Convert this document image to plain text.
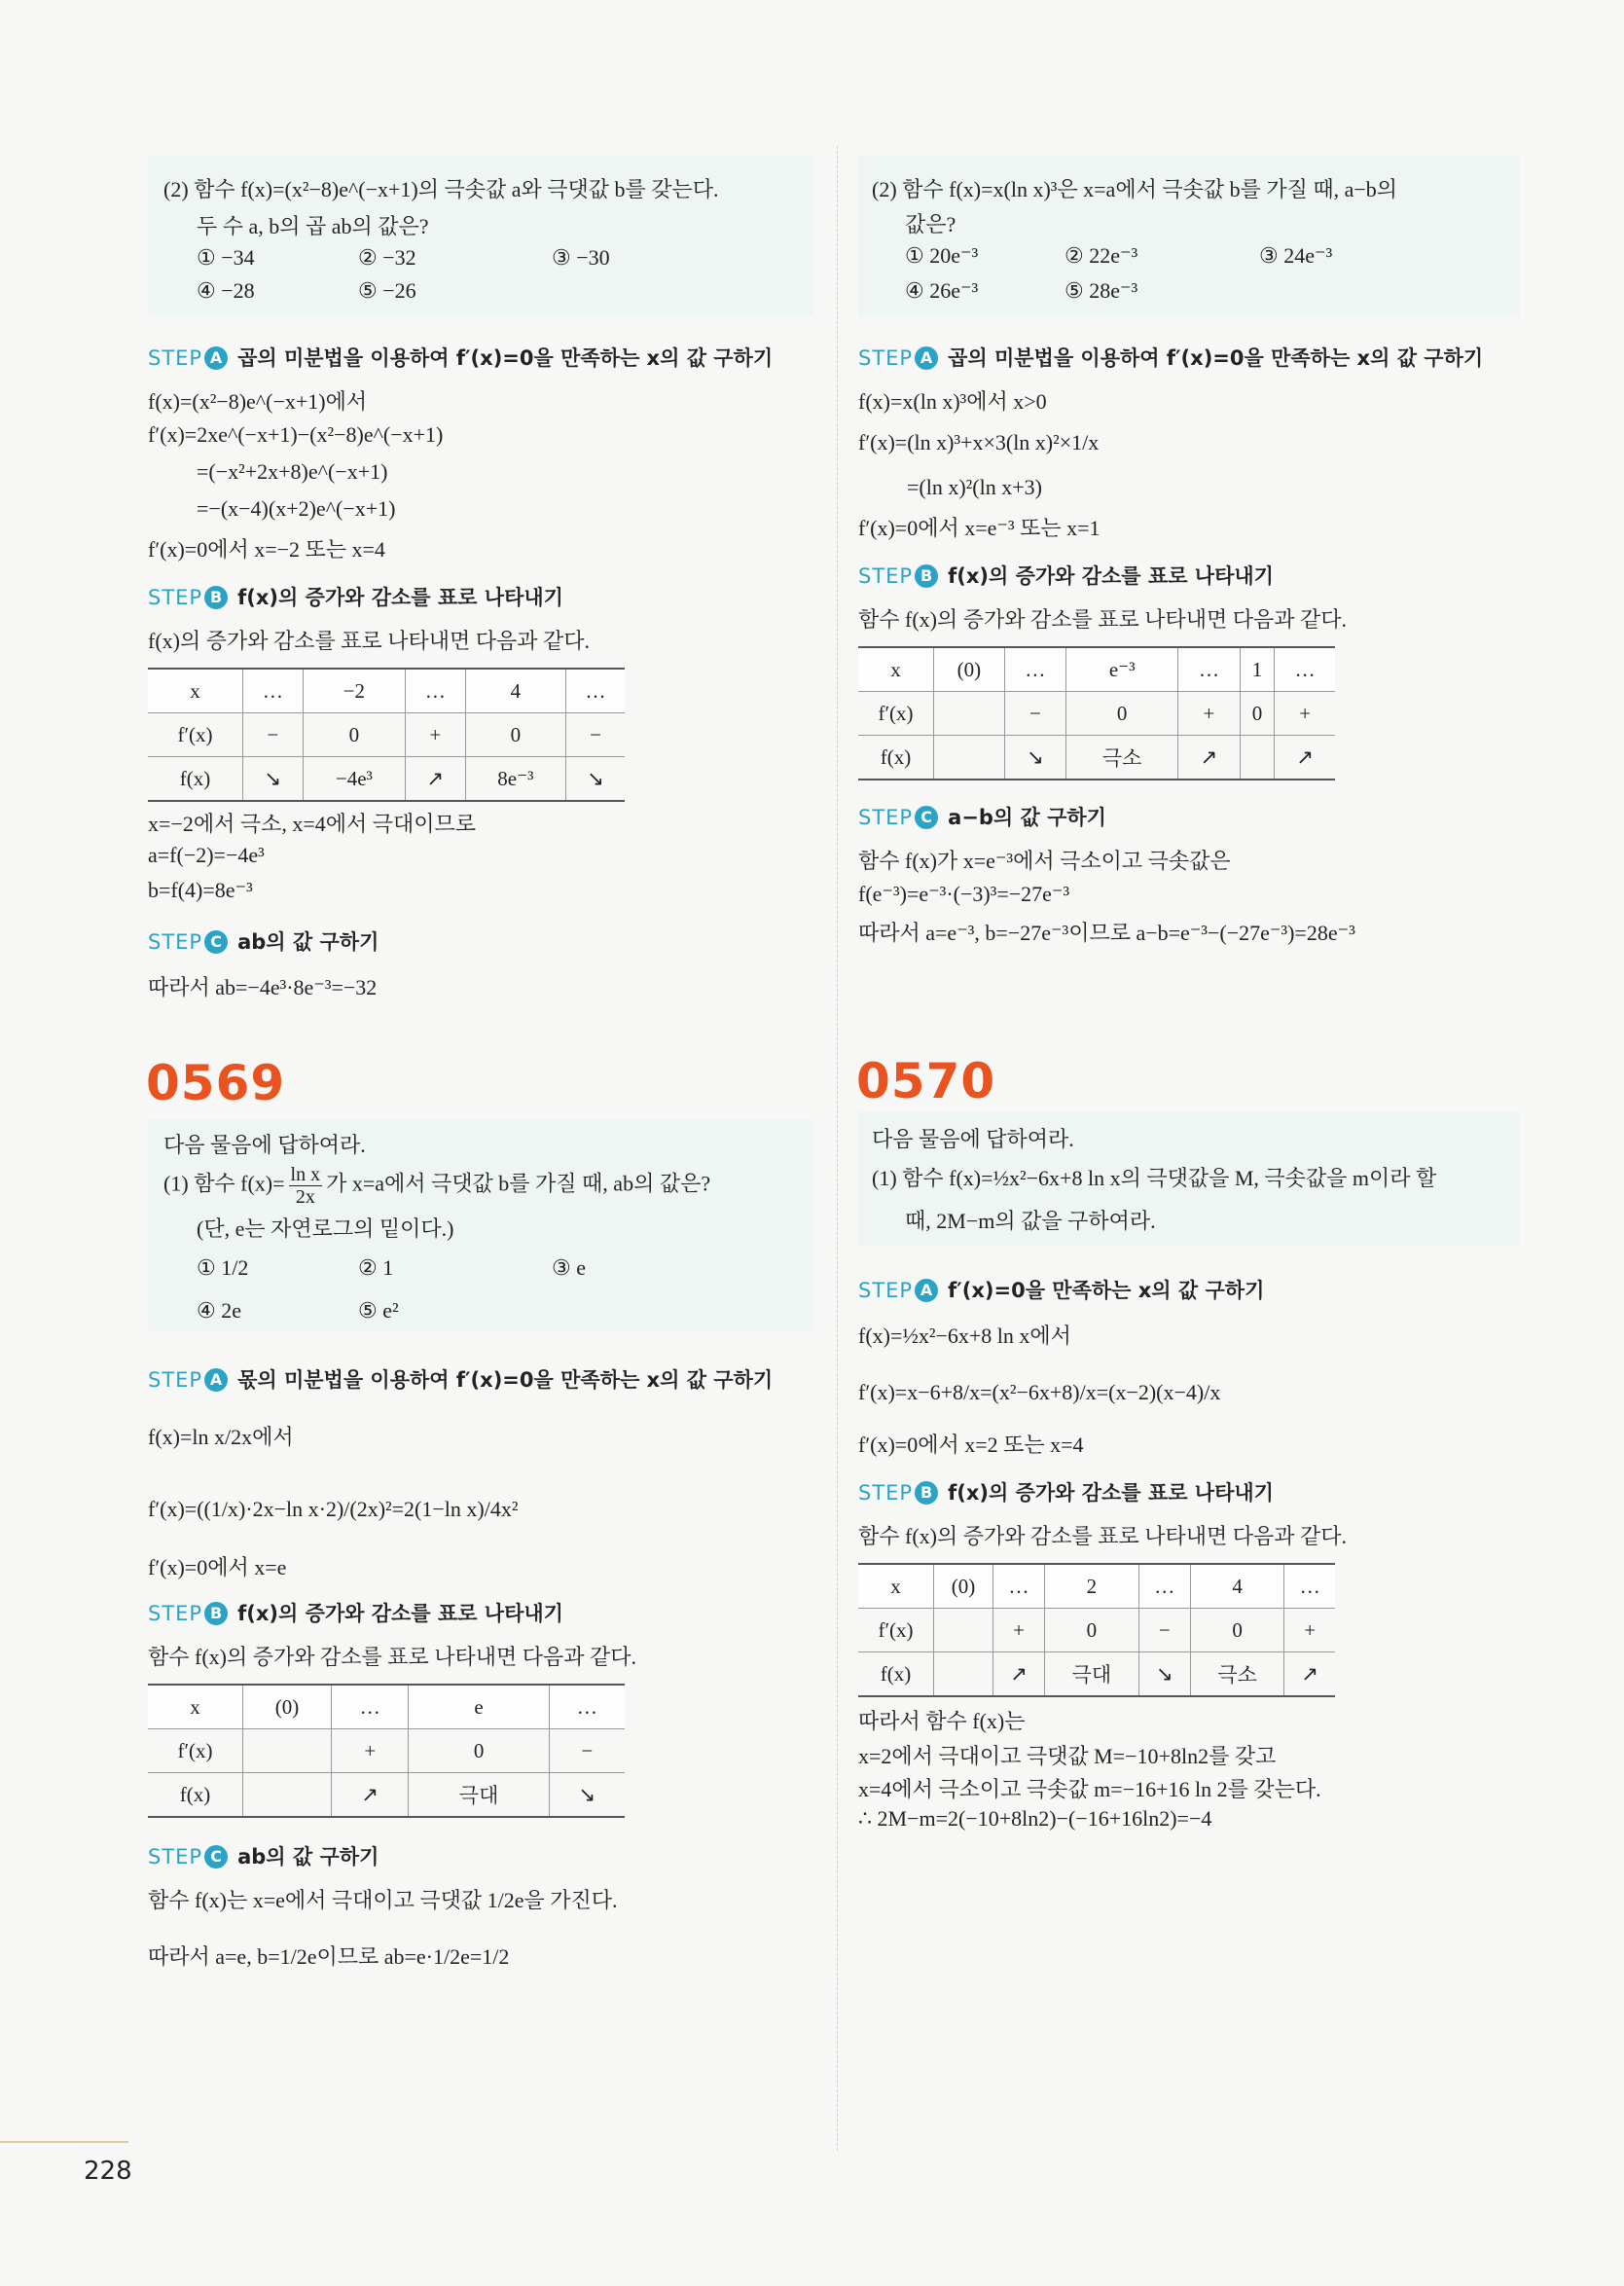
(2) 함수 f(x)=(x²−8)e^(−x+1)의 극솟값 a와 극댓값 b를 갖는다.
두 수 a, b의 곱 ab의 값은?
① −34	② −32	③ −30
④ −28	⑤ −26
STEP A 곱의 미분법을 이용하여 f′(x)=0을 만족하는 x의 값 구하기
f(x)=(x²−8)e^(−x+1)에서
f′(x)=2xe^(−x+1)−(x²−8)e^(−x+1)
=(−x²+2x+8)e^(−x+1)
=−(x−4)(x+2)e^(−x+1)
f′(x)=0에서 x=−2 또는 x=4
STEP B f(x)의 증가와 감소를 표로 나타내기
f(x)의 증가와 감소를 표로 나타내면 다음과 같다.
x	…	−2	…	4	…
f′(x)	−	0	+	0	−
f(x)	↘	−4e³	↗	8e⁻³	↘
x=−2에서 극소, x=4에서 극대이므로
a=f(−2)=−4e³
b=f(4)=8e⁻³
STEP C ab의 값 구하기
따라서 ab=−4e³·8e⁻³=−32
0569
다음 물음에 답하여라.
(1) 함수 $f(x)= \frac{\text{ln x}}{2x}$ 가 x=a에서 극댓값 b를 가질 때, ab의 값은?
(단, e는 자연로그의 밑이다.)
① 1/2	② 1	③ e
④ 2e	⑤ e²
STEP A 몫의 미분법을 이용하여 f′(x)=0을 만족하는 x의 값 구하기
f(x)=ln x/2x에서
f′(x)=((1/x)·2x−ln x·2)/(2x)²=2(1−ln x)/4x²
f′(x)=0에서 x=e
STEP B f(x)의 증가와 감소를 표로 나타내기
함수 f(x)의 증가와 감소를 표로 나타내면 다음과 같다.
x	(0)	…	e	…
f′(x)		+	0	−
f(x)		↗	극대	↘
STEP C ab의 값 구하기
함수 f(x)는 x=e에서 극대이고 극댓값 1/2e을 가진다.
따라서 a=e, b=1/2e이므로 ab=e·1/2e=1/2
(2) 함수 f(x)=x(ln x)³은 x=a에서 극솟값 b를 가질 때, a−b의
값은?
① 20e⁻³	② 22e⁻³	③ 24e⁻³
④ 26e⁻³	⑤ 28e⁻³
STEP A 곱의 미분법을 이용하여 f′(x)=0을 만족하는 x의 값 구하기
f(x)=x(ln x)³에서 x>0
f′(x)=(ln x)³+x×3(ln x)²×1/x
=(ln x)²(ln x+3)
f′(x)=0에서 x=e⁻³ 또는 x=1
STEP B f(x)의 증가와 감소를 표로 나타내기
함수 f(x)의 증가와 감소를 표로 나타내면 다음과 같다.
x	(0)	…	e⁻³	…	1	…
f′(x)		−	0	+	0	+
f(x)		↘	극소	↗		↗
STEP C a−b의 값 구하기
함수 f(x)가 x=e⁻³에서 극소이고 극솟값은
f(e⁻³)=e⁻³·(−3)³=−27e⁻³
따라서 a=e⁻³, b=−27e⁻³이므로 a−b=e⁻³−(−27e⁻³)=28e⁻³
0570
다음 물음에 답하여라.
(1) 함수 f(x)=½x²−6x+8 ln x의 극댓값을 M, 극솟값을 m이라 할
때, 2M−m의 값을 구하여라.
STEP A f′(x)=0을 만족하는 x의 값 구하기
f(x)=½x²−6x+8 ln x에서
f′(x)=x−6+8/x=(x²−6x+8)/x=(x−2)(x−4)/x
f′(x)=0에서 x=2 또는 x=4
STEP B f(x)의 증가와 감소를 표로 나타내기
함수 f(x)의 증가와 감소를 표로 나타내면 다음과 같다.
x	(0)	…	2	…	4	…
f′(x)		+	0	−	0	+
f(x)		↗	극대	↘	극소	↗
따라서 함수 f(x)는
x=2에서 극대이고 극댓값 M=−10+8ln2를 갖고
x=4에서 극소이고 극솟값 m=−16+16 ln 2를 갖는다.
∴ 2M−m=2(−10+8ln2)−(−16+16ln2)=−4
228
